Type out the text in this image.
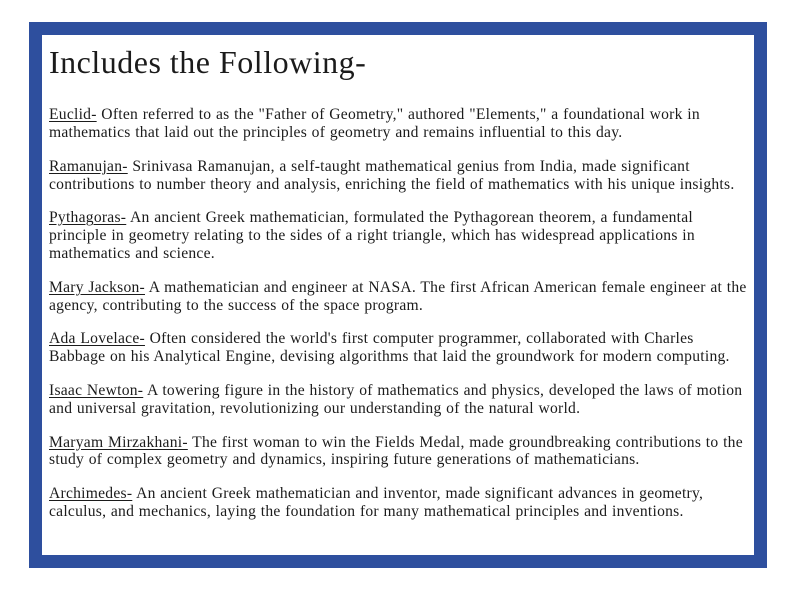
Includes the Following-

Euclid- Often referred to as the "Father of Geometry," authored "Elements," a foundational work in mathematics that laid out the principles of geometry and remains influential to this day.

Ramanujan- Srinivasa Ramanujan, a self-taught mathematical genius from India, made significant contributions to number theory and analysis, enriching the field of mathematics with his unique insights.

Pythagoras- An ancient Greek mathematician, formulated the Pythagorean theorem, a fundamental principle in geometry relating to the sides of a right triangle, which has widespread applications in mathematics and science.

Mary Jackson- A mathematician and engineer at NASA. The first African American female engineer at the agency, contributing to the success of the space program.

Ada Lovelace- Often considered the world's first computer programmer, collaborated with Charles Babbage on his Analytical Engine, devising algorithms that laid the groundwork for modern computing.

Isaac Newton- A towering figure in the history of mathematics and physics, developed the laws of motion and universal gravitation, revolutionizing our understanding of the natural world.

Maryam Mirzakhani- The first woman to win the Fields Medal, made groundbreaking contributions to the study of complex geometry and dynamics, inspiring future generations of mathematicians.

Archimedes- An ancient Greek mathematician and inventor, made significant advances in geometry, calculus, and mechanics, laying the foundation for many mathematical principles and inventions.
